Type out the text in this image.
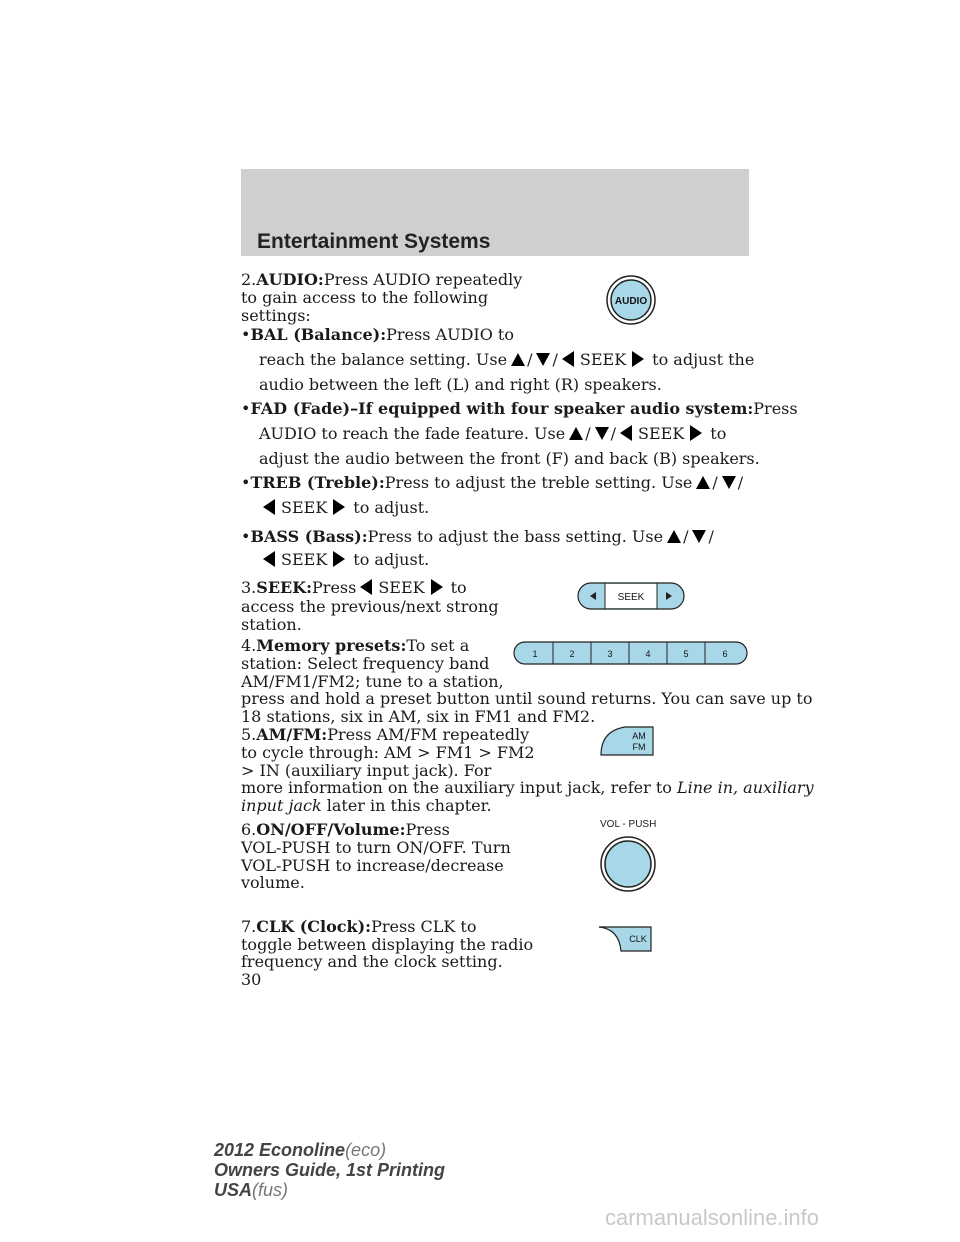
Entertainment Systems
2.AUDIO:Press AUDIO repeatedly
to gain access to the following
settings:
AUDIO
•BAL (Balance):Press AUDIO to
reach the balance setting. Use / / SEEK to adjust the
audio between the left (L) and right (R) speakers.
•FAD (Fade)–If equipped with four speaker audio system:Press
AUDIO to reach the fade feature. Use / / SEEK to
adjust the audio between the front (F) and back (B) speakers.
•TREB (Treble):Press to adjust the treble setting. Use / /
SEEK to adjust.
•BASS (Bass):Press to adjust the bass setting. Use / /
SEEK to adjust.
3.SEEK:Press SEEK to
access the previous/next strong
station.
SEEK
4.Memory presets:To set a
station: Select frequency band
AM/FM1/FM2; tune to a station,
press and hold a preset button until sound returns. You can save up to
18 stations, six in AM, six in FM1 and FM2.
1	2	3	4	5	6
5.AM/FM:Press AM/FM repeatedly
to cycle through: AM > FM1 > FM2
> IN (auxiliary input jack). For
more information on the auxiliary input jack, refer to Line in, auxiliary
input jack later in this chapter.
AM
FM
6.ON/OFF/Volume:Press
VOL-PUSH to turn ON/OFF. Turn
VOL-PUSH to increase/decrease
volume.
VOL - PUSH
7.CLK (Clock):Press CLK to
toggle between displaying the radio
frequency and the clock setting.
CLK
30
2012 Econoline(eco)
Owners Guide, 1st Printing
USA(fus)
carmanualsonline.info
